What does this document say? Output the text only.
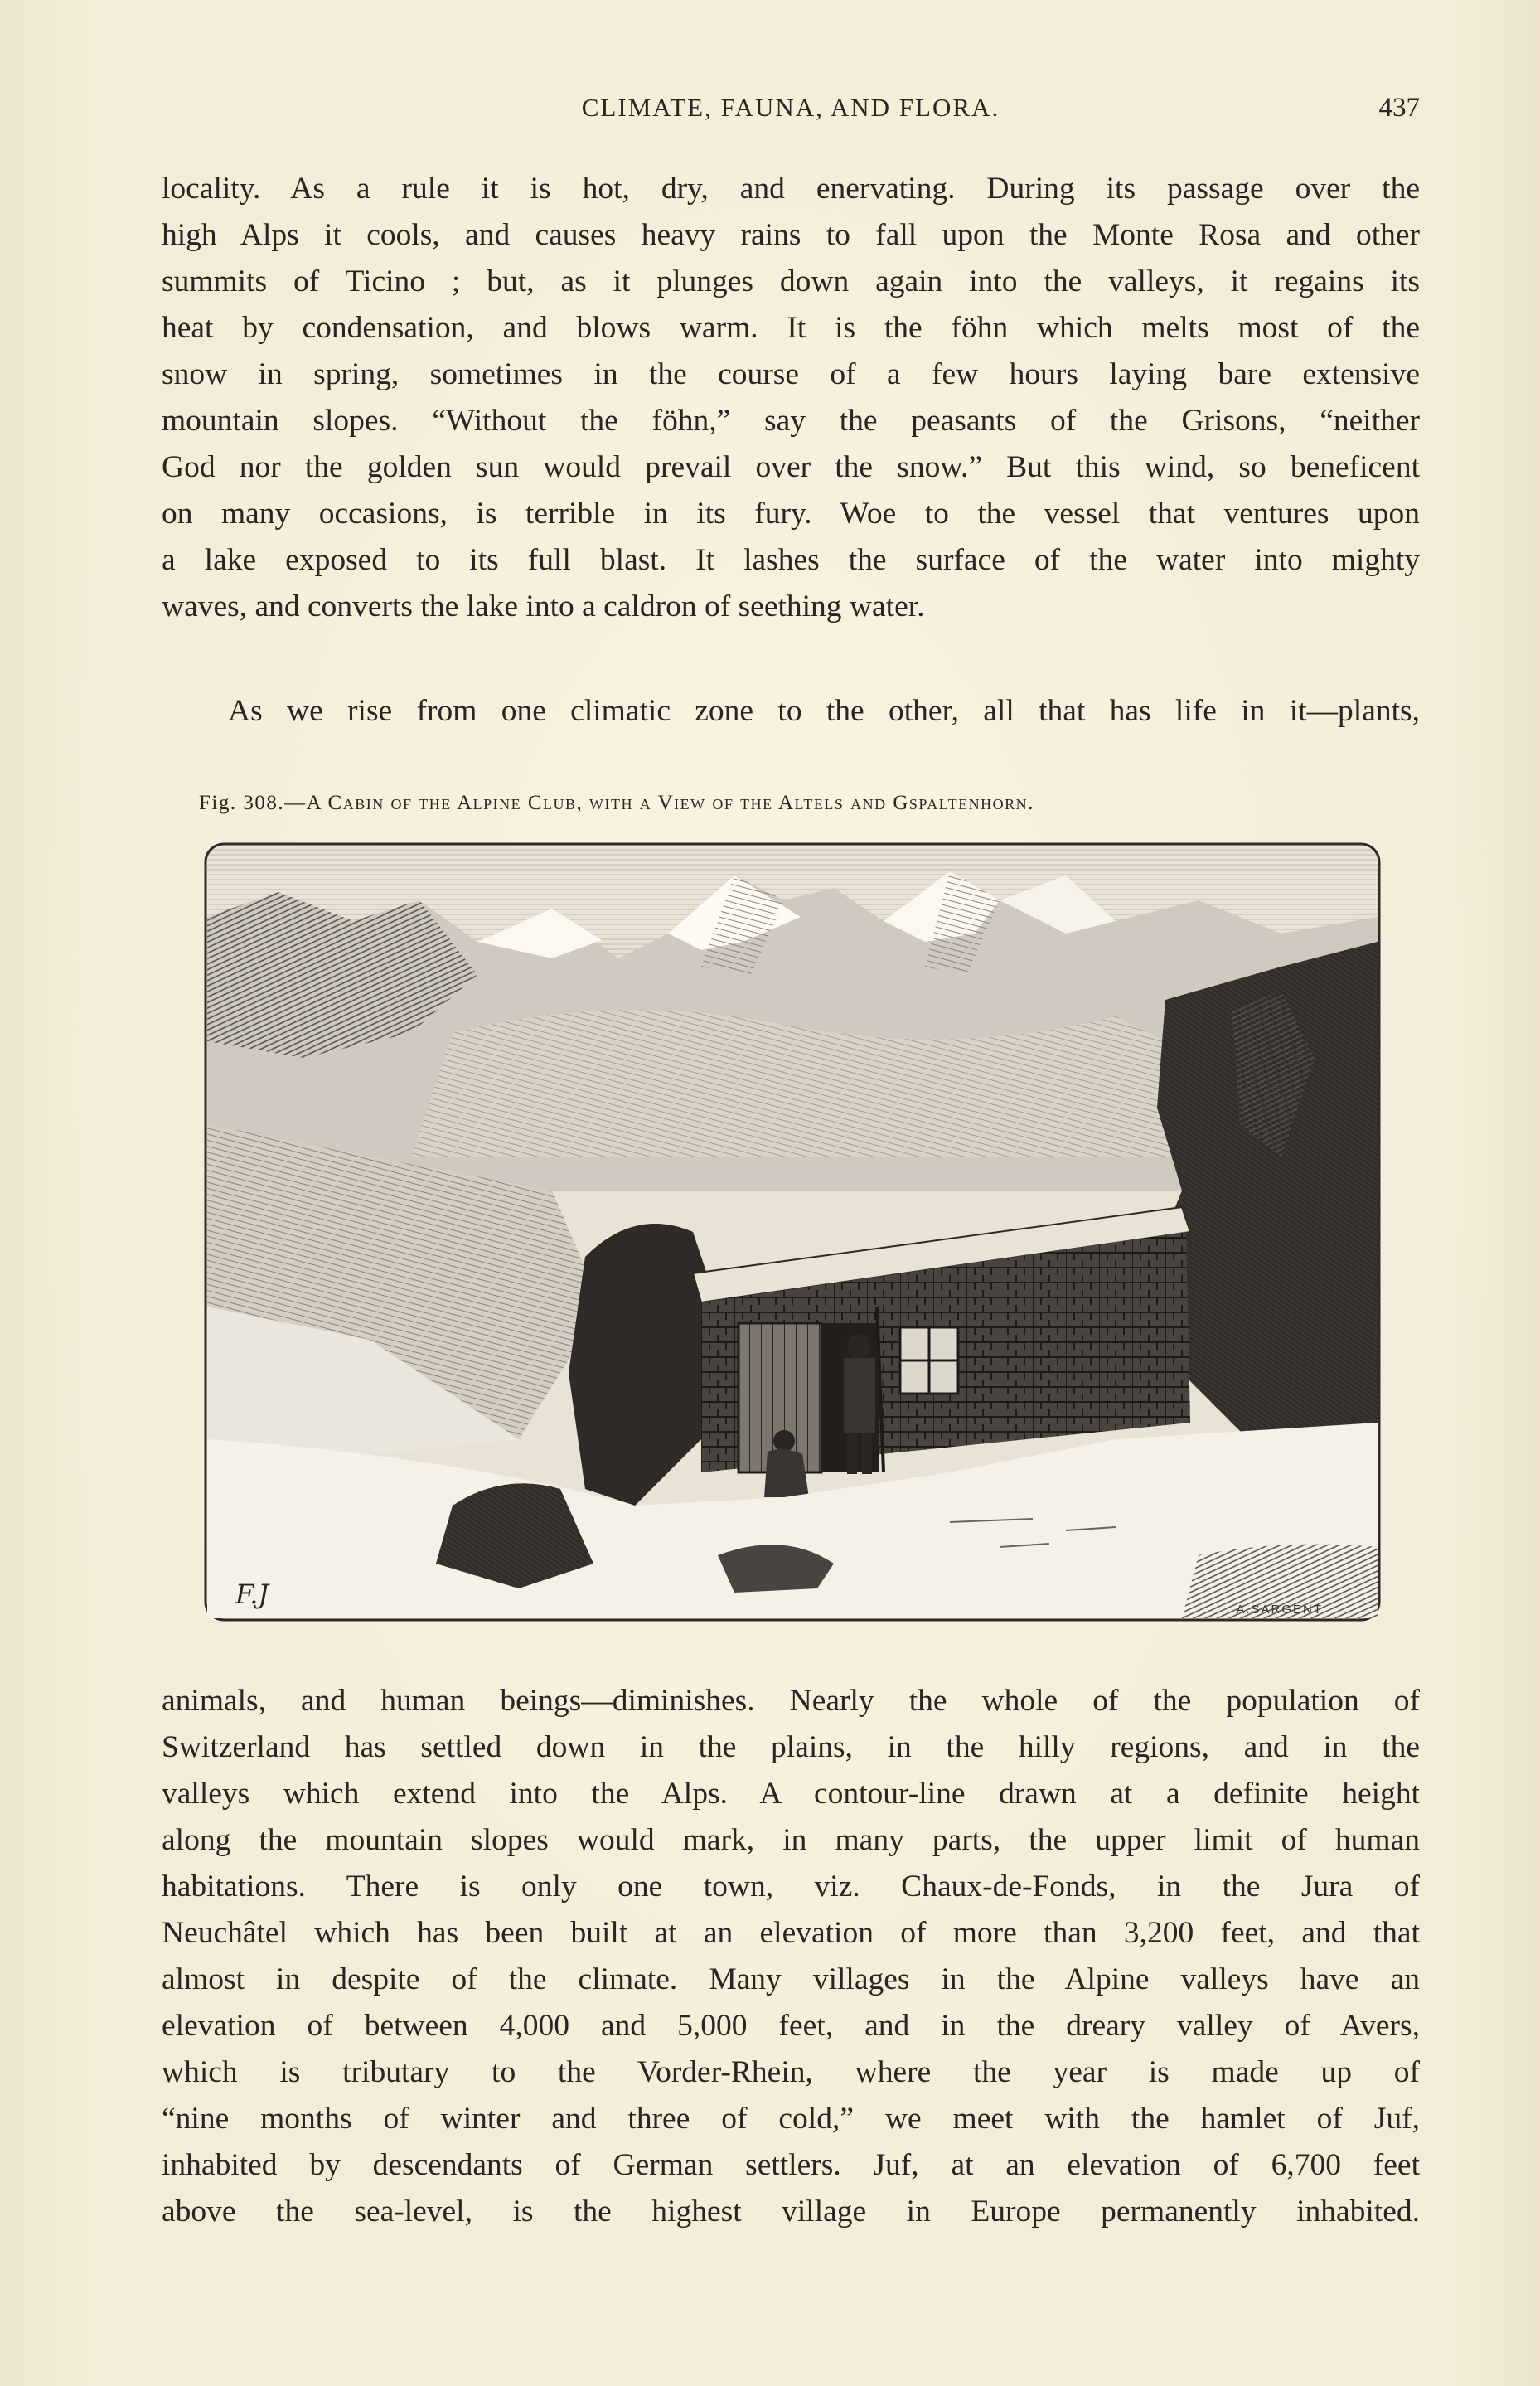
CLIMATE, FAUNA, AND FLORA.	437
locality. As a rule it is hot, dry, and enervating. During its passage over the
high Alps it cools, and causes heavy rains to fall upon the Monte Rosa and other
summits of Ticino ; but, as it plunges down again into the valleys, it regains its
heat by condensation, and blows warm. It is the föhn which melts most of the
snow in spring, sometimes in the course of a few hours laying bare extensive
mountain slopes. “Without the föhn,” say the peasants of the Grisons, “neither
God nor the golden sun would prevail over the snow.” But this wind, so beneficent
on many occasions, is terrible in its fury. Woe to the vessel that ventures upon
a lake exposed to its full blast. It lashes the surface of the water into mighty
waves, and converts the lake into a caldron of seething water.
As we rise from one climatic zone to the other, all that has life in it—plants,
Fig. 308.—A Cabin of the Alpine Club, with a View of the Altels and Gspaltenhorn.
F.J	A.SARGENT
animals, and human beings—diminishes. Nearly the whole of the population of
Switzerland has settled down in the plains, in the hilly regions, and in the
valleys which extend into the Alps. A contour-line drawn at a definite height
along the mountain slopes would mark, in many parts, the upper limit of human
habitations. There is only one town, viz. Chaux-de-Fonds, in the Jura of
Neuchâtel which has been built at an elevation of more than 3,200 feet, and that
almost in despite of the climate. Many villages in the Alpine valleys have an
elevation of between 4,000 and 5,000 feet, and in the dreary valley of Avers,
which is tributary to the Vorder-Rhein, where the year is made up of
“nine months of winter and three of cold,” we meet with the hamlet of Juf,
inhabited by descendants of German settlers. Juf, at an elevation of 6,700 feet
above the sea-level, is the highest village in Europe permanently inhabited.
